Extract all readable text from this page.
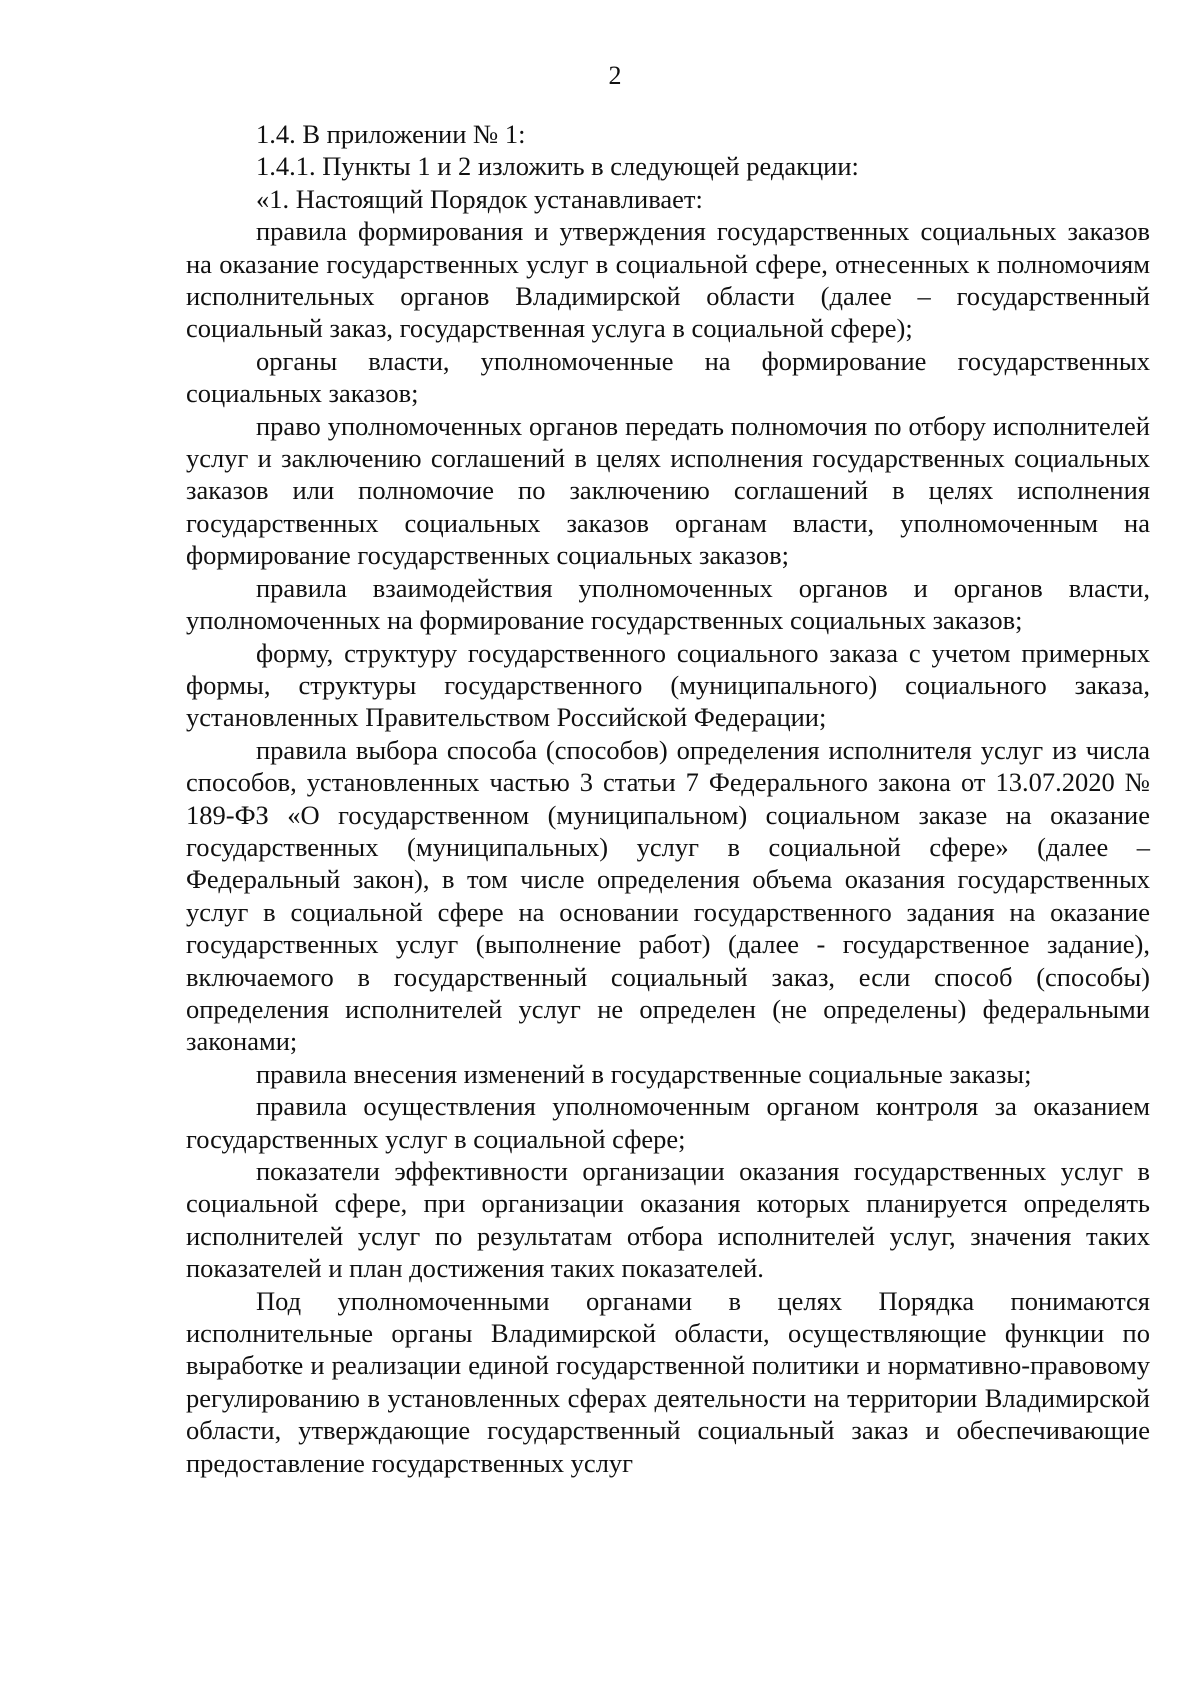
2

1.4. В приложении № 1:

1.4.1. Пункты 1 и 2 изложить в следующей редакции:

«1. Настоящий Порядок устанавливает:

правила формирования и утверждения государственных социальных заказов на оказание государственных услуг в социальной сфере, отнесенных к полномочиям исполнительных органов Владимирской области (далее – государственный социальный заказ, государственная услуга в социальной сфере);

органы власти, уполномоченные на формирование государственных социальных заказов;

право уполномоченных органов передать полномочия по отбору исполнителей услуг и заключению соглашений в целях исполнения государственных социальных заказов или полномочие по заключению соглашений в целях исполнения государственных социальных заказов органам власти, уполномоченным на формирование государственных социальных заказов;

правила взаимодействия уполномоченных органов и органов власти, уполномоченных на формирование государственных социальных заказов;

форму, структуру государственного социального заказа с учетом примерных формы, структуры государственного (муниципального) социального заказа, установленных Правительством Российской Федерации;

правила выбора способа (способов) определения исполнителя услуг из числа способов, установленных частью 3 статьи 7 Федерального закона от 13.07.2020 № 189-ФЗ «О государственном (муниципальном) социальном заказе на оказание государственных (муниципальных) услуг в социальной сфере» (далее – Федеральный закон), в том числе определения объема оказания государственных услуг в социальной сфере на основании государственного задания на оказание государственных услуг (выполнение работ) (далее - государственное задание), включаемого в государственный социальный заказ, если способ (способы) определения исполнителей услуг не определен (не определены) федеральными законами;

правила внесения изменений в государственные социальные заказы;

правила осуществления уполномоченным органом контроля за оказанием государственных услуг в социальной сфере;

показатели эффективности организации оказания государственных услуг в социальной сфере, при организации оказания которых планируется определять исполнителей услуг по результатам отбора исполнителей услуг, значения таких показателей и план достижения таких показателей.

Под уполномоченными органами в целях Порядка понимаются исполнительные органы Владимирской области, осуществляющие функции по выработке и реализации единой государственной политики и нормативно-правовому регулированию в установленных сферах деятельности на территории Владимирской области, утверждающие государственный социальный заказ и обеспечивающие предоставление государственных услуг
